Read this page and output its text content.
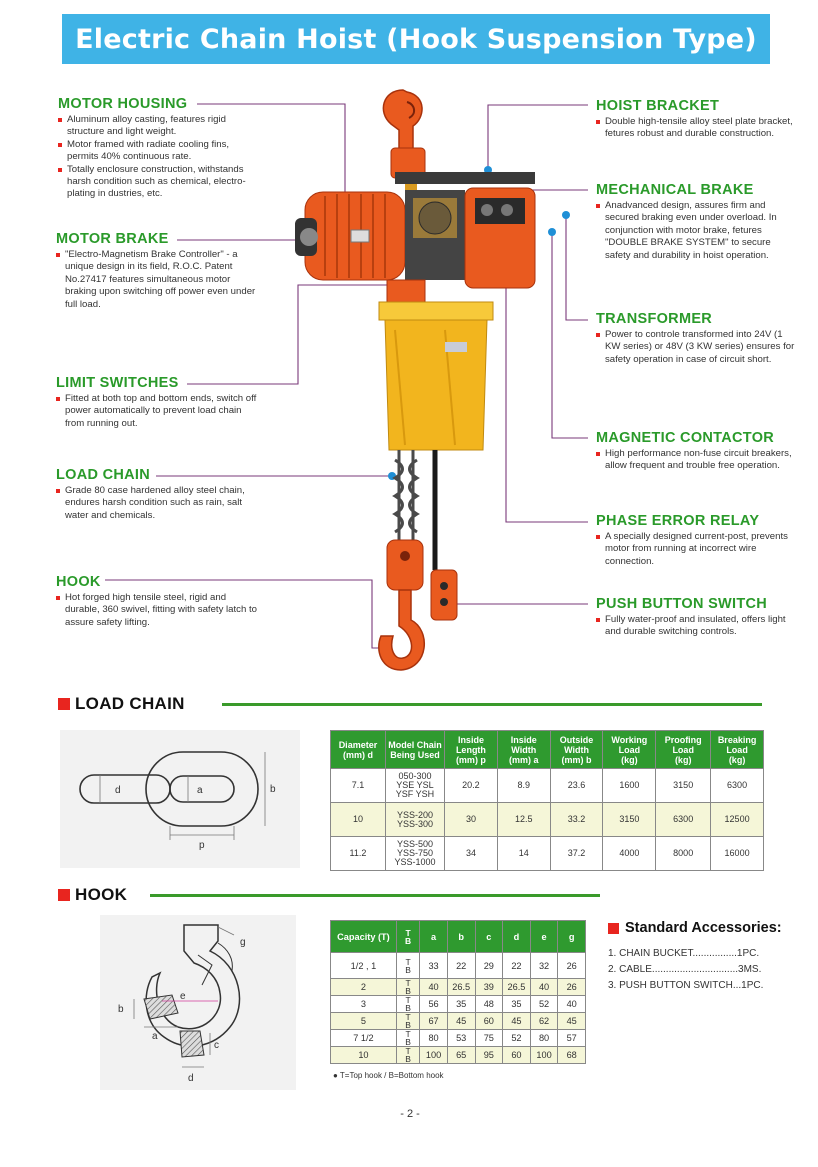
Electric Chain Hoist (Hook Suspension Type)
MOTOR HOUSING
Aluminum alloy casting, features rigid structure and light weight.
Motor framed with radiate cooling fins, permits 40% continuous rate.
Totally enclosure construction, withstands harsh condition such as chemical, electro-plating in dustries, etc.
MOTOR BRAKE
"Electro-Magnetism Brake Controller" - a unique design in its field, R.O.C. Patent No.27417 features simultaneous motor braking upon switching off power even under full load.
LIMIT SWITCHES
Fitted at both top and bottom ends, switch off power automatically to prevent load chain from running out.
LOAD CHAIN
Grade 80 case hardened alloy steel chain, endures harsh condition such as rain, salt water and chemicals.
HOOK
Hot forged high tensile steel, rigid and durable, 360 swivel, fitting with safety latch to assure safety lifting.
HOIST BRACKET
Double high-tensile alloy steel plate bracket, fetures robust and durable construction.
MECHANICAL BRAKE
Anadvanced design, assures firm and secured braking even under overload. In conjunction with motor brake, fetures "DOUBLE BRAKE SYSTEM" to secure safety and durability in hoist operation.
TRANSFORMER
Power to controle transformed into 24V (1 KW series) or 48V (3 KW series) ensures for safety operation in case of circuit short.
MAGNETIC CONTACTOR
High performance non-fuse circuit breakers, allow frequent and trouble free operation.
PHASE ERROR RELAY
A specially designed current-post, prevents motor from running at incorrect wire connection.
PUSH BUTTON SWITCH
Fully water-proof and insulated, offers light and durable switching controls.
LOAD CHAIN
d	a	b
p
Diameter
(mm) d	Model Chain
Being Used	Inside
Length
(mm) p	Inside
Width
(mm) a	Outside
Width
(mm) b	Working
Load
(kg)	Proofing
Load
(kg)	Breaking
Load
(kg)
7.1	050-300
YSE YSL
YSF YSH	20.2	8.9	23.6	1600	3150	6300
10	YSS-200
YSS-300	30	12.5	33.2	3150	6300	12500
11.2	YSS-500
YSS-750
YSS-1000	34	14	37.2	4000	8000	16000
HOOK
g
e
b
a
c
d
Capacity (T)	T
B	a	b	c	d	e	g
1/2 , 1	T
B	33	22	29	22	32	26
2	T
B	40	26.5	39	26.5	40	26
3	T
B	56	35	48	35	52	40
5	T
B	67	45	60	45	62	45
7 1/2	T
B	80	53	75	52	80	57
10	T
B	100	65	95	60	100	68
● T=Top hook / B=Bottom hook
Standard Accessories:
1. CHAIN BUCKET................1PC.
2. CABLE...............................3MS.
3. PUSH BUTTON SWITCH...1PC.
- 2 -
